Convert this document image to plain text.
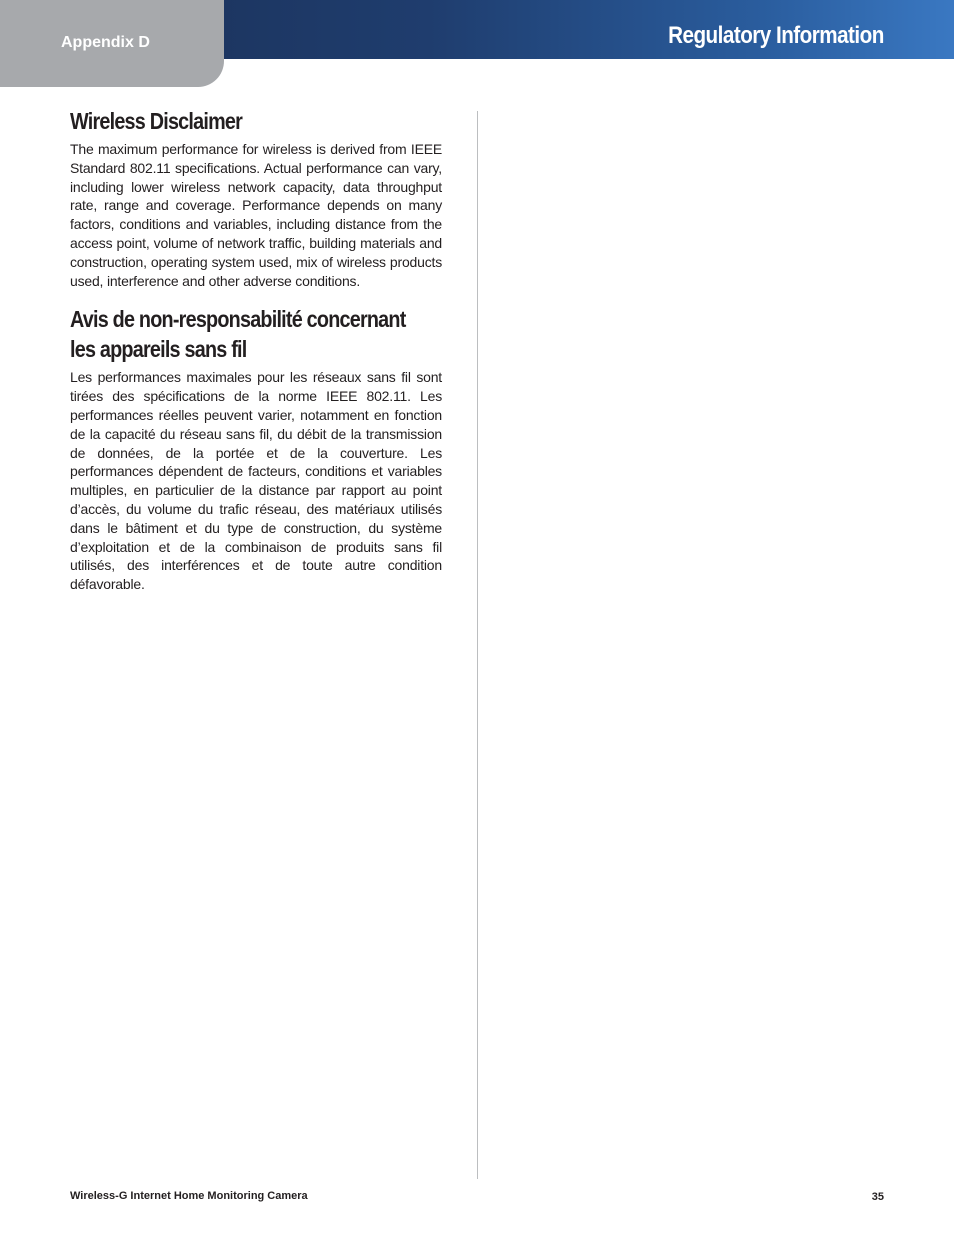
Appendix D	Regulatory Information
Wireless Disclaimer

The maximum performance for wireless is derived from IEEE Standard 802.11 specifications. Actual performance can vary, including lower wireless network capacity, data throughput rate, range and coverage. Performance depends on many factors, conditions and variables, including distance from the access point, volume of network traffic, building materials and construction, operating system used, mix of wireless products used, interference and other adverse conditions.

Avis de non-responsabilité concernant les appareils sans fil

Les performances maximales pour les réseaux sans fil sont tirées des spécifications de la norme IEEE 802.11. Les performances réelles peuvent varier, notamment en fonction de la capacité du réseau sans fil, du débit de la transmission de données, de la portée et de la couverture. Les performances dépendent de facteurs, conditions et variables multiples, en particulier de la distance par rapport au point d’accès, du volume du trafic réseau, des matériaux utilisés dans le bâtiment et du type de construction, du système d’exploitation et de la combinaison de produits sans fil utilisés, des interférences et de toute autre condition défavorable.

Wireless-G Internet Home Monitoring Camera	35
